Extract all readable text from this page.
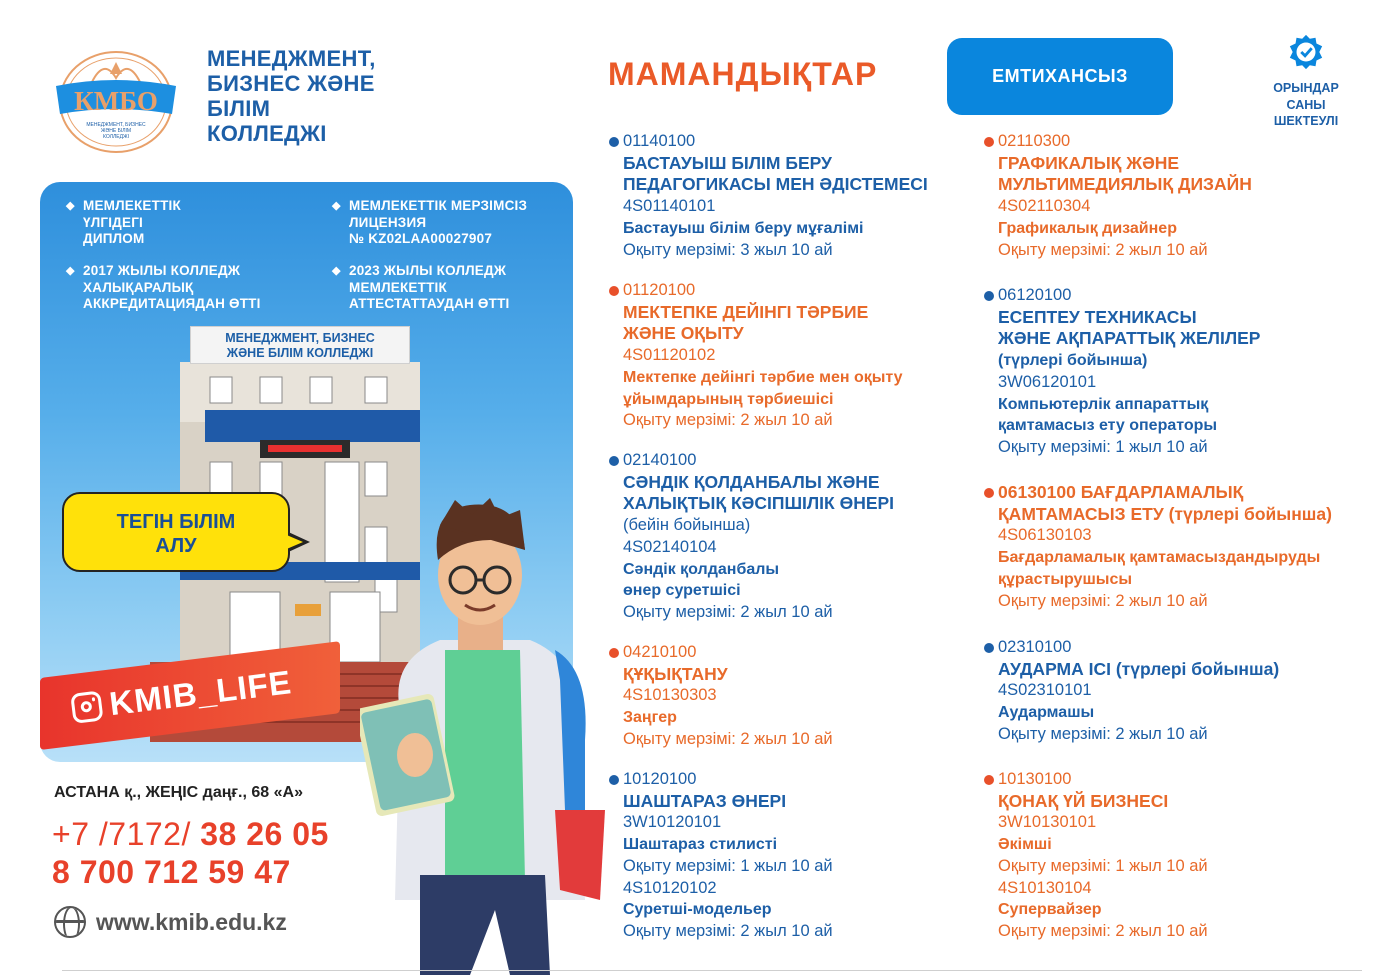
КМБО
МЕНЕДЖМЕНТ, БИЗНЕС
ЖӘНЕ БІЛІМ
КОЛЛЕДЖІ
МЕНЕДЖМЕНТ,
БИЗНЕС ЖӘНЕ
БІЛІМ
КОЛЛЕДЖІ
◆ МЕМЛЕКЕТТІК
ҮЛГІДЕГІ
ДИПЛОМ
◆ МЕМЛЕКЕТТІК МЕРЗІМСІЗ
ЛИЦЕНЗИЯ
№ KZ02LAA00027907
◆ 2017 ЖЫЛЫ КОЛЛЕДЖ
ХАЛЫҚАРАЛЫҚ
АККРЕДИТАЦИЯДАН ӨТТІ
◆ 2023 ЖЫЛЫ КОЛЛЕДЖ
МЕМЛЕКЕТТІК
АТТЕСТАТТАУДАН ӨТТІ
МЕНЕДЖМЕНТ, БИЗНЕС
ЖӘНЕ БІЛІМ КОЛЛЕДЖІ
ТЕГІН БІЛІМ
АЛУ
KMIB_LIFE
АСТАНА қ., ЖЕҢІС даңғ., 68 «А»
+7 /7172/ 38 26 05
8 700 712 59 47
www.kmib.edu.kz
МАМАНДЫҚТАР	ЕМТИХАНСЫЗ
ОРЫНДАР
САНЫ
ШЕКТЕУЛІ
01140100
БАСТАУЫШ БІЛІМ БЕРУ
ПЕДАГОГИКАСЫ МЕН ӘДІСТЕМЕСІ
4S01140101
Бастауыш білім беру мұғалімі
Оқыту мерзімі: 3 жыл 10 ай
01120100
МЕКТЕПКЕ ДЕЙІНГІ ТӘРБИЕ
ЖӘНЕ ОҚЫТУ
4S01120102
Мектепке дейінгі тәрбие мен оқыту
ұйымдарының тәрбиешісі
Оқыту мерзімі: 2 жыл 10 ай
02140100
СӘНДІК ҚОЛДАНБАЛЫ ЖӘНЕ
ХАЛЫҚТЫҚ КӘСІПШІЛІК ӨНЕРІ
(бейін бойынша)
4S02140104
Сәндік қолданбалы
өнер суретшісі
Оқыту мерзімі: 2 жыл 10 ай
04210100
ҚҰҚЫҚТАНУ
4S10130303
Заңгер
Оқыту мерзімі: 2 жыл 10 ай
10120100
ШАШТАРАЗ ӨНЕРІ
3W10120101
Шаштараз стилисті
Оқыту мерзімі: 1 жыл 10 ай
4S10120102
Суретші-модельер
Оқыту мерзімі: 2 жыл 10 ай
02110300
ГРАФИКАЛЫҚ ЖӘНЕ
МУЛЬТИМЕДИЯЛЫҚ ДИЗАЙН
4S02110304
Графикалық дизайнер
Оқыту мерзімі: 2 жыл 10 ай
06120100
ЕСЕПТЕУ ТЕХНИКАСЫ
ЖӘНЕ АҚПАРАТТЫҚ ЖЕЛІЛЕР
(түрлері бойынша)
3W06120101
Компьютерлік аппараттық
қамтамасыз ету операторы
Оқыту мерзімі: 1 жыл 10 ай
06130100 БАҒДАРЛАМАЛЫҚ
ҚАМТАМАСЫЗ ЕТУ (түрлері бойынша)
4S06130103
Бағдарламалық қамтамасыздандыруды
құрастырушысы
Оқыту мерзімі: 2 жыл 10 ай
02310100
АУДАРМА ІСІ (түрлері бойынша)
4S02310101
Аудармашы
Оқыту мерзімі: 2 жыл 10 ай
10130100
ҚОНАҚ ҮЙ БИЗНЕСІ
3W10130101
Әкімші
Оқыту мерзімі: 1 жыл 10 ай
4S10130104
Супервайзер
Оқыту мерзімі: 2 жыл 10 ай
